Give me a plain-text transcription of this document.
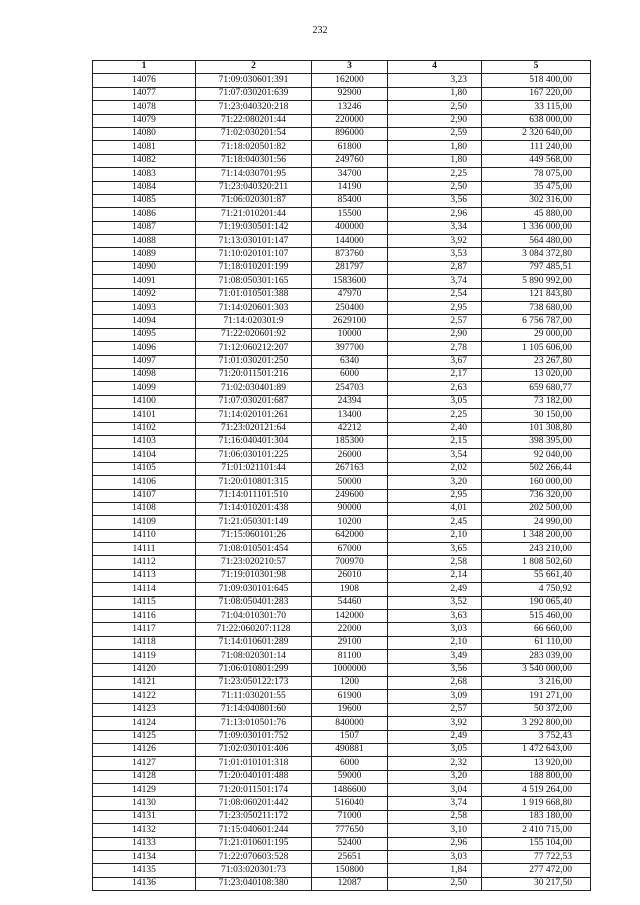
232
1	2	3	4	5
14076	71:09:030601:391	162000	3,23	518 400,00
14077	71:07:030201:639	92900	1,80	167 220,00
14078	71:23:040320:218	13246	2,50	33 115,00
14079	71:22:080201:44	220000	2,90	638 000,00
14080	71:02:030201:54	896000	2,59	2 320 640,00
14081	71:18:020501:82	61800	1,80	111 240,00
14082	71:18:040301:56	249760	1,80	449 568,00
14083	71:14:030701:95	34700	2,25	78 075,00
14084	71:23:040320:211	14190	2,50	35 475,00
14085	71:06:020301:87	85400	3,56	302 316,00
14086	71:21:010201:44	15500	2,96	45 880,00
14087	71:19:030501:142	400000	3,34	1 336 000,00
14088	71:13:030101:147	144000	3,92	564 480,00
14089	71:10:020101:107	873760	3,53	3 084 372,80
14090	71:18:010201:199	281797	2,87	797 485,51
14091	71:08:050301:165	1583600	3,74	5 890 992,00
14092	71:01:010501:388	47970	2,54	121 843,80
14093	71:14:020601:303	250400	2,95	738 680,00
14094	71:14:020301:9	2629100	2,57	6 756 787,00
14095	71:22:020601:92	10000	2,90	29 000,00
14096	71:12:060212:207	397700	2,78	1 105 606,00
14097	71:01:030201:250	6340	3,67	23 267,80
14098	71:20:011501:216	6000	2,17	13 020,00
14099	71:02:030401:89	254703	2,63	659 680,77
14100	71:07:030201:687	24394	3,05	73 182,00
14101	71:14:020101:261	13400	2,25	30 150,00
14102	71:23:020121:64	42212	2,40	101 308,80
14103	71:16:040401:304	185300	2,15	398 395,00
14104	71:06:030101:225	26000	3,54	92 040,00
14105	71:01:021101:44	267163	2,02	502 266,44
14106	71:20:010801:315	50000	3,20	160 000,00
14107	71:14:011101:510	249600	2,95	736 320,00
14108	71:14:010201:438	90000	4,01	202 500,00
14109	71:21:050301:149	10200	2,45	24 990,00
14110	71:15:060101:26	642000	2,10	1 348 200,00
14111	71:08:010501:454	67000	3,65	243 210,00
14112	71:23:020210:57	700970	2,58	1 808 502,60
14113	71:19:010301:98	26010	2,14	55 661,40
14114	71:09:030101:645	1908	2,49	4 750,92
14115	71:08:050401:283	54460	3,52	190 065,40
14116	71:04:010301:70	142000	3,63	515 460,00
14117	71:22:060207:1128	22000	3,03	66 660,00
14118	71:14:010601:289	29100	2,10	61 110,00
14119	71:08:020301:14	81100	3,49	283 039,00
14120	71:06:010801:299	1000000	3,56	3 540 000,00
14121	71:23:050122:173	1200	2,68	3 216,00
14122	71:11:030201:55	61900	3,09	191 271,00
14123	71:14:040801:60	19600	2,57	50 372,00
14124	71:13:010501:76	840000	3,92	3 292 800,00
14125	71:09:030101:752	1507	2,49	3 752,43
14126	71:02:030101:406	490881	3,05	1 472 643,00
14127	71:01:010101:318	6000	2,32	13 920,00
14128	71:20:040101:488	59000	3,20	188 800,00
14129	71:20:011501:174	1486600	3,04	4 519 264,00
14130	71:08:060201:442	516040	3,74	1 919 668,80
14131	71:23:050211:172	71000	2,58	183 180,00
14132	71:15:040601:244	777650	3,10	2 410 715,00
14133	71:21:010601:195	52400	2,96	155 104,00
14134	71:22:070603:528	25651	3,03	77 722,53
14135	71:03:020301:73	150800	1,84	277 472,00
14136	71:23:040108:380	12087	2,50	30 217,50
